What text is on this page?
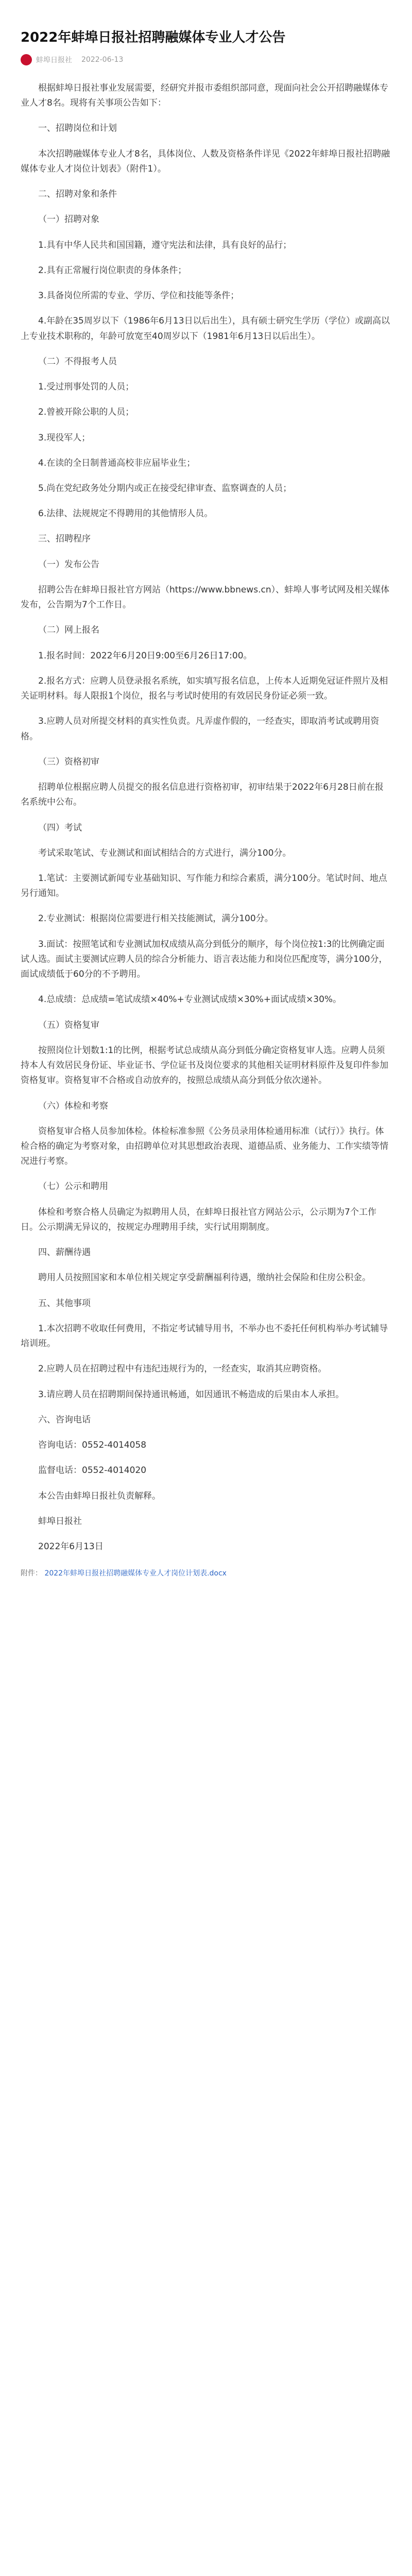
2022年蚌埠日报社招聘融媒体专业人才公告
蚌埠日报社 2022-06-13

根据蚌埠日报社事业发展需要，经研究并报市委组织部同意，现面向社会公开招聘融媒体专业人才8名。现将有关事项公告如下：

一、招聘岗位和计划

本次招聘融媒体专业人才8名，具体岗位、人数及资格条件详见《2022年蚌埠日报社招聘融媒体专业人才岗位计划表》（附件1）。

二、招聘对象和条件

（一）招聘对象

1.具有中华人民共和国国籍，遵守宪法和法律，具有良好的品行；

2.具有正常履行岗位职责的身体条件；

3.具备岗位所需的专业、学历、学位和技能等条件；

4.年龄在35周岁以下（1986年6月13日以后出生），具有硕士研究生学历（学位）或副高以上专业技术职称的，年龄可放宽至40周岁以下（1981年6月13日以后出生）。

（二）不得报考人员

1.受过刑事处罚的人员；

2.曾被开除公职的人员；

3.现役军人；

4.在读的全日制普通高校非应届毕业生；

5.尚在党纪政务处分期内或正在接受纪律审查、监察调查的人员；

6.法律、法规规定不得聘用的其他情形人员。

三、招聘程序

（一）发布公告

招聘公告在蚌埠日报社官方网站（https://www.bbnews.cn）、蚌埠人事考试网及相关媒体发布，公告期为7个工作日。

（二）网上报名

1.报名时间：2022年6月20日9:00至6月26日17:00。

2.报名方式：应聘人员登录报名系统，如实填写报名信息，上传本人近期免冠证件照片及相关证明材料。每人限报1个岗位，报名与考试时使用的有效居民身份证必须一致。

3.应聘人员对所提交材料的真实性负责。凡弄虚作假的，一经查实，即取消考试或聘用资格。

（三）资格初审

招聘单位根据应聘人员提交的报名信息进行资格初审，初审结果于2022年6月28日前在报名系统中公布。

（四）考试

考试采取笔试、专业测试和面试相结合的方式进行，满分100分。

1.笔试：主要测试新闻专业基础知识、写作能力和综合素质，满分100分。笔试时间、地点另行通知。

2.专业测试：根据岗位需要进行相关技能测试，满分100分。

3.面试：按照笔试和专业测试加权成绩从高分到低分的顺序，每个岗位按1:3的比例确定面试人选。面试主要测试应聘人员的综合分析能力、语言表达能力和岗位匹配度等，满分100分，面试成绩低于60分的不予聘用。

4.总成绩：总成绩=笔试成绩×40%+专业测试成绩×30%+面试成绩×30%。

（五）资格复审

按照岗位计划数1:1的比例，根据考试总成绩从高分到低分确定资格复审人选。应聘人员须持本人有效居民身份证、毕业证书、学位证书及岗位要求的其他相关证明材料原件及复印件参加资格复审。资格复审不合格或自动放弃的，按照总成绩从高分到低分依次递补。

（六）体检和考察

资格复审合格人员参加体检。体检标准参照《公务员录用体检通用标准（试行）》执行。体检合格的确定为考察对象，由招聘单位对其思想政治表现、道德品质、业务能力、工作实绩等情况进行考察。

（七）公示和聘用

体检和考察合格人员确定为拟聘用人员，在蚌埠日报社官方网站公示，公示期为7个工作日。公示期满无异议的，按规定办理聘用手续，实行试用期制度。

四、薪酬待遇

聘用人员按照国家和本单位相关规定享受薪酬福利待遇，缴纳社会保险和住房公积金。

五、其他事项

1.本次招聘不收取任何费用，不指定考试辅导用书，不举办也不委托任何机构举办考试辅导培训班。

2.应聘人员在招聘过程中有违纪违规行为的，一经查实，取消其应聘资格。

3.请应聘人员在招聘期间保持通讯畅通，如因通讯不畅造成的后果由本人承担。

六、咨询电话

咨询电话：0552-4014058

监督电话：0552-4014020

本公告由蚌埠日报社负责解释。

蚌埠日报社

2022年6月13日

附件： 2022年蚌埠日报社招聘融媒体专业人才岗位计划表.docx
